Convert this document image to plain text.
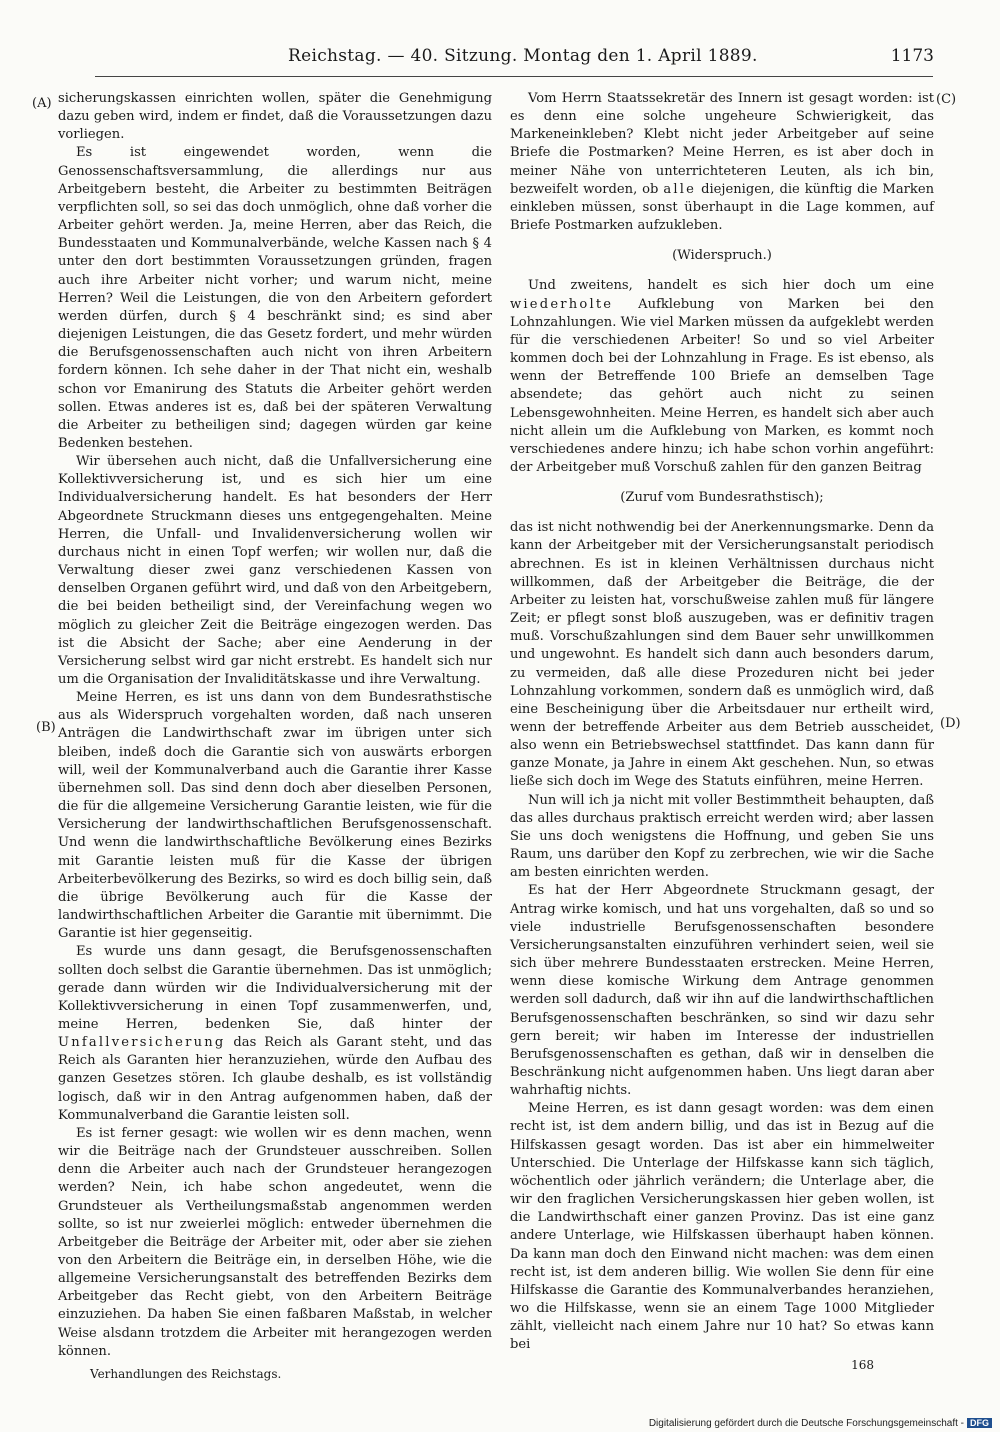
Reichstag. — 40. Sitzung. Montag den 1. April 1889.	1173
(A)
(B)
(C)
(D)

sicherungskassen einrichten wollen, später die Genehmigung dazu geben wird, indem er findet, daß die Voraussetzungen dazu vorliegen.

Es ist eingewendet worden, wenn die Genossenschaftsversammlung, die allerdings nur aus Arbeitgebern besteht, die Arbeiter zu bestimmten Beiträgen verpflichten soll, so sei das doch unmöglich, ohne daß vorher die Arbeiter gehört werden. Ja, meine Herren, aber das Reich, die Bundesstaaten und Kommunalverbände, welche Kassen nach § 4 unter den dort bestimmten Voraussetzungen gründen, fragen auch ihre Arbeiter nicht vorher; und warum nicht, meine Herren? Weil die Leistungen, die von den Arbeitern gefordert werden dürfen, durch § 4 beschränkt sind; es sind aber diejenigen Leistungen, die das Gesetz fordert, und mehr würden die Berufsgenossenschaften auch nicht von ihren Arbeitern fordern können. Ich sehe daher in der That nicht ein, weshalb schon vor Emanirung des Statuts die Arbeiter gehört werden sollen. Etwas anderes ist es, daß bei der späteren Verwaltung die Arbeiter zu betheiligen sind; dagegen würden gar keine Bedenken bestehen.

Wir übersehen auch nicht, daß die Unfallversicherung eine Kollektivversicherung ist, und es sich hier um eine Individualversicherung handelt. Es hat besonders der Herr Abgeordnete Struckmann dieses uns entgegengehalten. Meine Herren, die Unfall- und Invalidenversicherung wollen wir durchaus nicht in einen Topf werfen; wir wollen nur, daß die Verwaltung dieser zwei ganz verschiedenen Kassen von denselben Organen geführt wird, und daß von den Arbeitgebern, die bei beiden betheiligt sind, der Vereinfachung wegen wo möglich zu gleicher Zeit die Beiträge eingezogen werden. Das ist die Absicht der Sache; aber eine Aenderung in der Versicherung selbst wird gar nicht erstrebt. Es handelt sich nur um die Organisation der Invaliditätskasse und ihre Verwaltung.

Meine Herren, es ist uns dann von dem Bundesrathstische aus als Widerspruch vorgehalten worden, daß nach unseren Anträgen die Landwirthschaft zwar im übrigen unter sich bleiben, indeß doch die Garantie sich von auswärts erborgen will, weil der Kommunalverband auch die Garantie ihrer Kasse übernehmen soll. Das sind denn doch aber dieselben Personen, die für die allgemeine Versicherung Garantie leisten, wie für die Versicherung der landwirthschaftlichen Berufsgenossenschaft. Und wenn die landwirthschaftliche Bevölkerung eines Bezirks mit Garantie leisten muß für die Kasse der übrigen Arbeiterbevölkerung des Bezirks, so wird es doch billig sein, daß die übrige Bevölkerung auch für die Kasse der landwirthschaftlichen Arbeiter die Garantie mit übernimmt. Die Garantie ist hier gegenseitig.

Es wurde uns dann gesagt, die Berufsgenossenschaften sollten doch selbst die Garantie übernehmen. Das ist unmöglich; gerade dann würden wir die Individualversicherung mit der Kollektivversicherung in einen Topf zusammenwerfen, und, meine Herren, bedenken Sie, daß hinter der Unfallversicherung das Reich als Garant steht, und das Reich als Garanten hier heranzuziehen, würde den Aufbau des ganzen Gesetzes stören. Ich glaube deshalb, es ist vollständig logisch, daß wir in den Antrag aufgenommen haben, daß der Kommunalverband die Garantie leisten soll.

Es ist ferner gesagt: wie wollen wir es denn machen, wenn wir die Beiträge nach der Grundsteuer ausschreiben. Sollen denn die Arbeiter auch nach der Grundsteuer herangezogen werden? Nein, ich habe schon angedeutet, wenn die Grundsteuer als Vertheilungsmaßstab angenommen werden sollte, so ist nur zweierlei möglich: entweder übernehmen die Arbeitgeber die Beiträge der Arbeiter mit, oder aber sie ziehen von den Arbeitern die Beiträge ein, in derselben Höhe, wie die allgemeine Versicherungsanstalt des betreffenden Bezirks dem Arbeitgeber das Recht giebt, von den Arbeitern Beiträge einzuziehen. Da haben Sie einen faßbaren Maßstab, in welcher Weise alsdann trotzdem die Arbeiter mit herangezogen werden können.

Verhandlungen des Reichstags.

Vom Herrn Staatssekretär des Innern ist gesagt worden: ist es denn eine solche ungeheure Schwierigkeit, das Markeneinkleben? Klebt nicht jeder Arbeitgeber auf seine Briefe die Postmarken? Meine Herren, es ist aber doch in meiner Nähe von unterrichteteren Leuten, als ich bin, bezweifelt worden, ob alle diejenigen, die künftig die Marken einkleben müssen, sonst überhaupt in die Lage kommen, auf Briefe Postmarken aufzukleben.

(Widerspruch.)

Und zweitens, handelt es sich hier doch um eine wiederholte Aufklebung von Marken bei den Lohnzahlungen. Wie viel Marken müssen da aufgeklebt werden für die verschiedenen Arbeiter! So und so viel Arbeiter kommen doch bei der Lohnzahlung in Frage. Es ist ebenso, als wenn der Betreffende 100 Briefe an demselben Tage absendete; das gehört auch nicht zu seinen Lebensgewohnheiten. Meine Herren, es handelt sich aber auch nicht allein um die Aufklebung von Marken, es kommt noch verschiedenes andere hinzu; ich habe schon vorhin angeführt: der Arbeitgeber muß Vorschuß zahlen für den ganzen Beitrag

(Zuruf vom Bundesrathstisch);

das ist nicht nothwendig bei der Anerkennungsmarke. Denn da kann der Arbeitgeber mit der Versicherungsanstalt periodisch abrechnen. Es ist in kleinen Verhältnissen durchaus nicht willkommen, daß der Arbeitgeber die Beiträge, die der Arbeiter zu leisten hat, vorschußweise zahlen muß für längere Zeit; er pflegt sonst bloß auszugeben, was er definitiv tragen muß. Vorschußzahlungen sind dem Bauer sehr unwillkommen und ungewohnt. Es handelt sich dann auch besonders darum, zu vermeiden, daß alle diese Prozeduren nicht bei jeder Lohnzahlung vorkommen, sondern daß es unmöglich wird, daß eine Bescheinigung über die Arbeitsdauer nur ertheilt wird, wenn der betreffende Arbeiter aus dem Betrieb ausscheidet, also wenn ein Betriebswechsel stattfindet. Das kann dann für ganze Monate, ja Jahre in einem Akt geschehen. Nun, so etwas ließe sich doch im Wege des Statuts einführen, meine Herren.

Nun will ich ja nicht mit voller Bestimmtheit behaupten, daß das alles durchaus praktisch erreicht werden wird; aber lassen Sie uns doch wenigstens die Hoffnung, und geben Sie uns Raum, uns darüber den Kopf zu zerbrechen, wie wir die Sache am besten einrichten werden.

Es hat der Herr Abgeordnete Struckmann gesagt, der Antrag wirke komisch, und hat uns vorgehalten, daß so und so viele industrielle Berufsgenossenschaften besondere Versicherungsanstalten einzuführen verhindert seien, weil sie sich über mehrere Bundesstaaten erstrecken. Meine Herren, wenn diese komische Wirkung dem Antrage genommen werden soll dadurch, daß wir ihn auf die landwirthschaftlichen Berufsgenossenschaften beschränken, so sind wir dazu sehr gern bereit; wir haben im Interesse der industriellen Berufsgenossenschaften es gethan, daß wir in denselben die Beschränkung nicht aufgenommen haben. Uns liegt daran aber wahrhaftig nichts.

Meine Herren, es ist dann gesagt worden: was dem einen recht ist, ist dem andern billig, und das ist in Bezug auf die Hilfskassen gesagt worden. Das ist aber ein himmelweiter Unterschied. Die Unterlage der Hilfskasse kann sich täglich, wöchentlich oder jährlich verändern; die Unterlage aber, die wir den fraglichen Versicherungskassen hier geben wollen, ist die Landwirthschaft einer ganzen Provinz. Das ist eine ganz andere Unterlage, wie Hilfskassen überhaupt haben können. Da kann man doch den Einwand nicht machen: was dem einen recht ist, ist dem anderen billig. Wie wollen Sie denn für eine Hilfskasse die Garantie des Kommunalverbandes heranziehen, wo die Hilfskasse, wenn sie an einem Tage 1000 Mitglieder zählt, vielleicht nach einem Jahre nur 10 hat? So etwas kann bei

168

Digitalisierung gefördert durch die Deutsche Forschungsgemeinschaft - DFG
